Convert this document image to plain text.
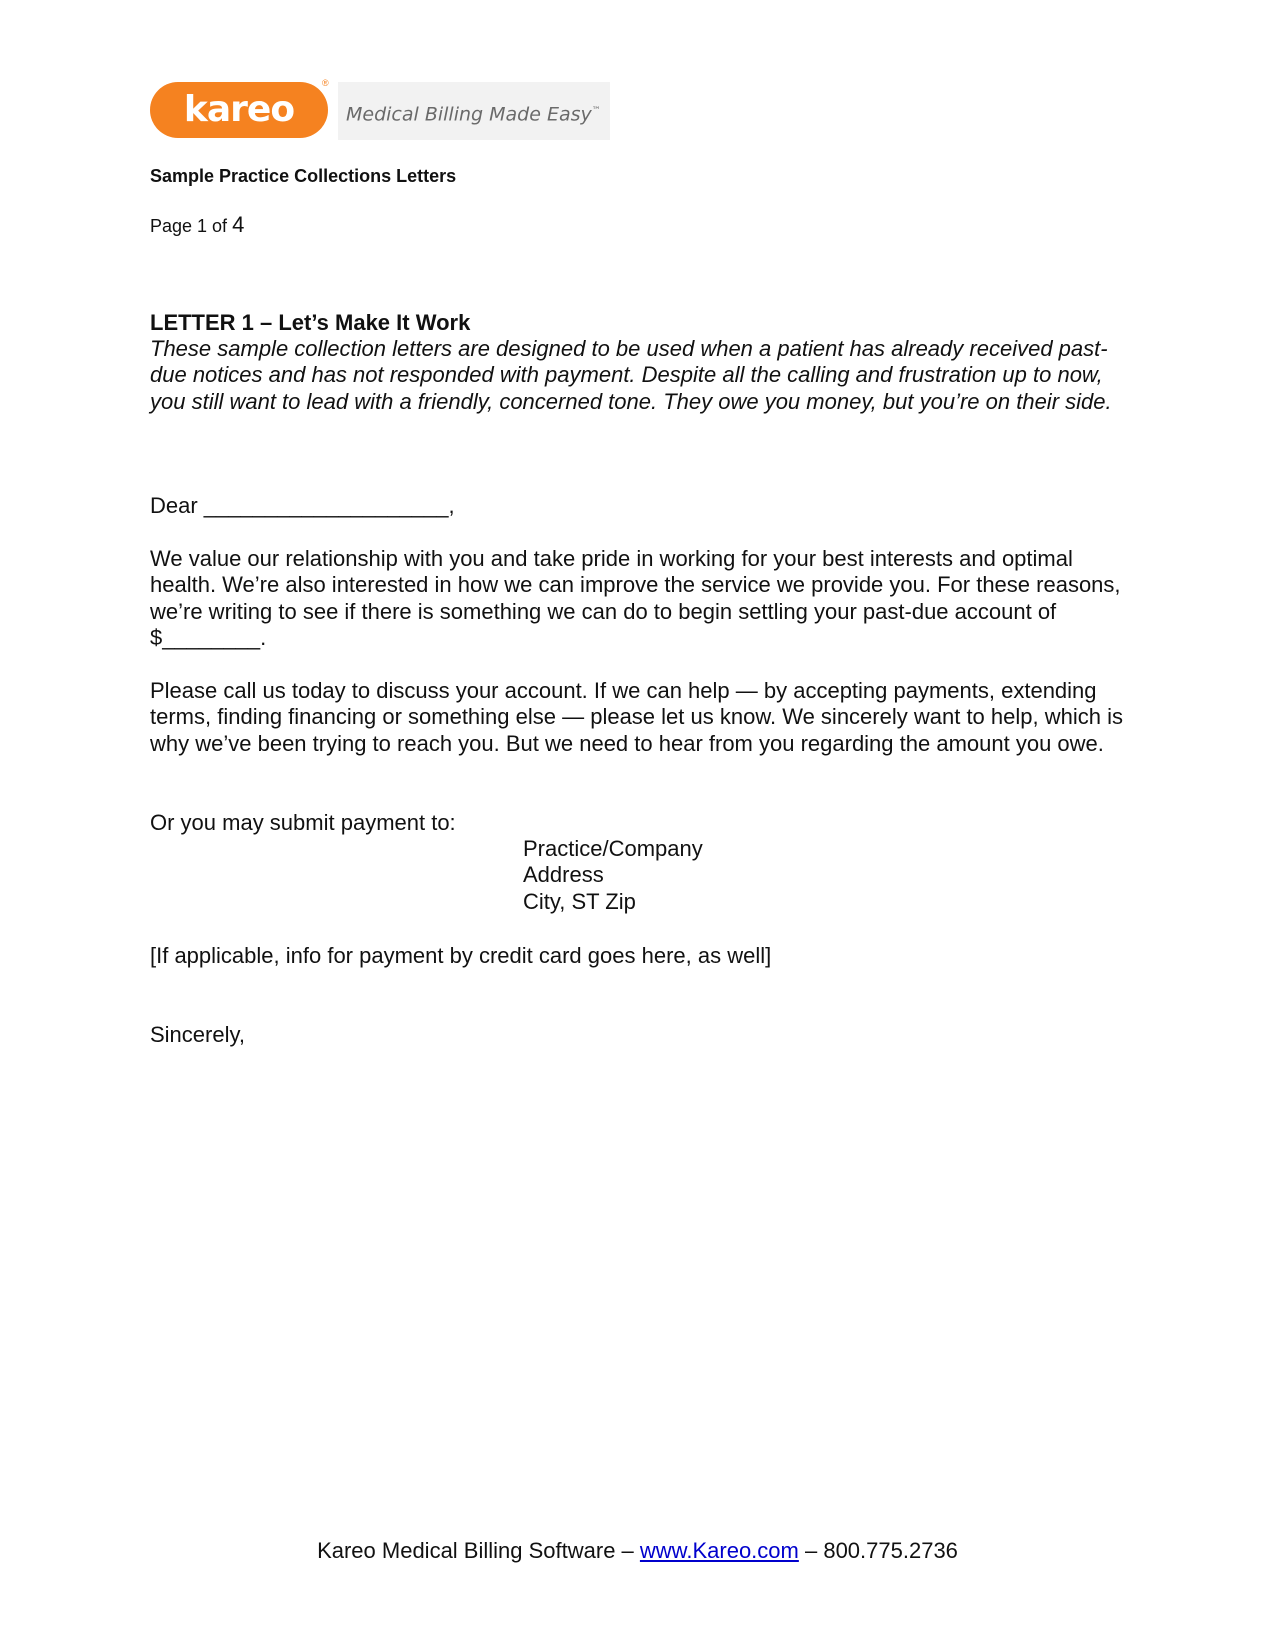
kareo
®
Medical Billing Made Easy™
Sample Practice Collections Letters
Page 1 of 4
LETTER 1 – Let’s Make It Work

These sample collection letters are designed to be used when a patient has already received past-due notices and has not responded with payment. Despite all the calling and frustration up to now, you still want to lead with a friendly, concerned tone. They owe you money, but you’re on their side.

Dear ____________________,

We value our relationship with you and take pride in working for your best interests and optimal health. We’re also interested in how we can improve the service we provide you. For these reasons, we’re writing to see if there is something we can do to begin settling your past-due account of $________.

Please call us today to discuss your account. If we can help — by accepting payments, extending terms, finding financing or something else — please let us know. We sincerely want to help, which is why we’ve been trying to reach you. But we need to hear from you regarding the amount you owe.

Or you may submit payment to:

Practice/Company
Address
City, ST Zip

[If applicable, info for payment by credit card goes here, as well]

Sincerely,

Kareo Medical Billing Software – www.Kareo.com – 800.775.2736
